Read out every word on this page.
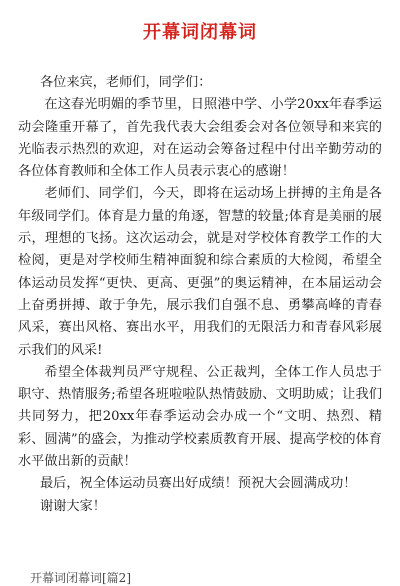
开幕词闭幕词

各位来宾，老师们，同学们：

在这春光明媚的季节里，日照港中学、小学20xx年春季运动会隆重开幕了，首先我代表大会组委会对各位领导和来宾的光临表示热烈的欢迎，对在运动会筹备过程中付出辛勤劳动的各位体育教师和全体工作人员表示衷心的感谢！

老师们、同学们，今天，即将在运动场上拼搏的主角是各年级同学们。体育是力量的角逐，智慧的较量;体育是美丽的展示，理想的飞扬。这次运动会，就是对学校体育教学工作的大检阅，更是对学校师生精神面貌和综合素质的大检阅，希望全体运动员发挥“更快、更高、更强”的奥运精神，在本届运动会上奋勇拼搏、敢于争先，展示我们自强不息、勇攀高峰的青春风采，赛出风格、赛出水平，用我们的无限活力和青春风彩展示我们的风采!

希望全体裁判员严守规程、公正裁判，全体工作人员忠于职守、热情服务;希望各班啦啦队热情鼓励、文明助威；让我们共同努力，把20xx年春季运动会办成一个“文明、热烈、精彩、圆满”的盛会，为推动学校素质教育开展、提高学校的体育水平做出新的贡献！

最后，祝全体运动员赛出好成绩！预祝大会圆满成功！

谢谢大家！

开幕词闭幕词[篇2]
